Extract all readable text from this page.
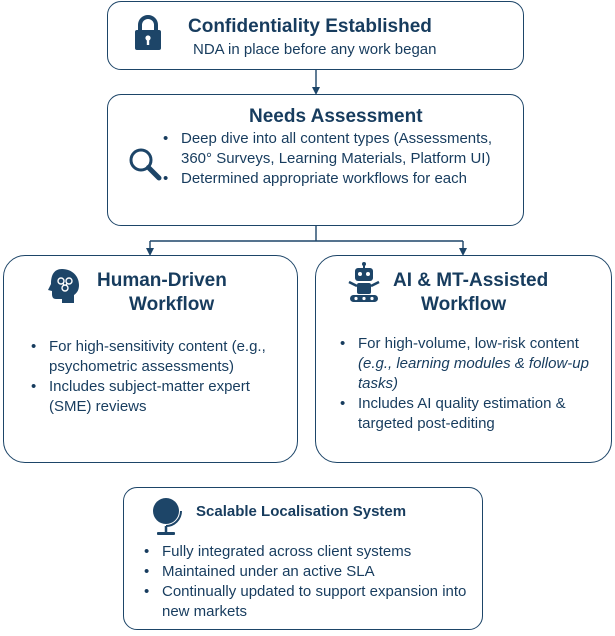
Confidentiality Established
NDA in place before any work began
Needs Assessment
• Deep dive into all content types (Assessments, 360° Surveys, Learning Materials, Platform UI)
• Determined appropriate workflows for each
Human-Driven
Workflow
• For high-sensitivity content (e.g., psychometric assessments)
• Includes subject-matter expert (SME) reviews
AI & MT-Assisted
Workflow
• For high-volume, low-risk content
(e.g., learning modules & follow-up tasks)
• Includes AI quality estimation & targeted post-editing
Scalable Localisation System
• Fully integrated across client systems
• Maintained under an active SLA
• Continually updated to support expansion into new markets
